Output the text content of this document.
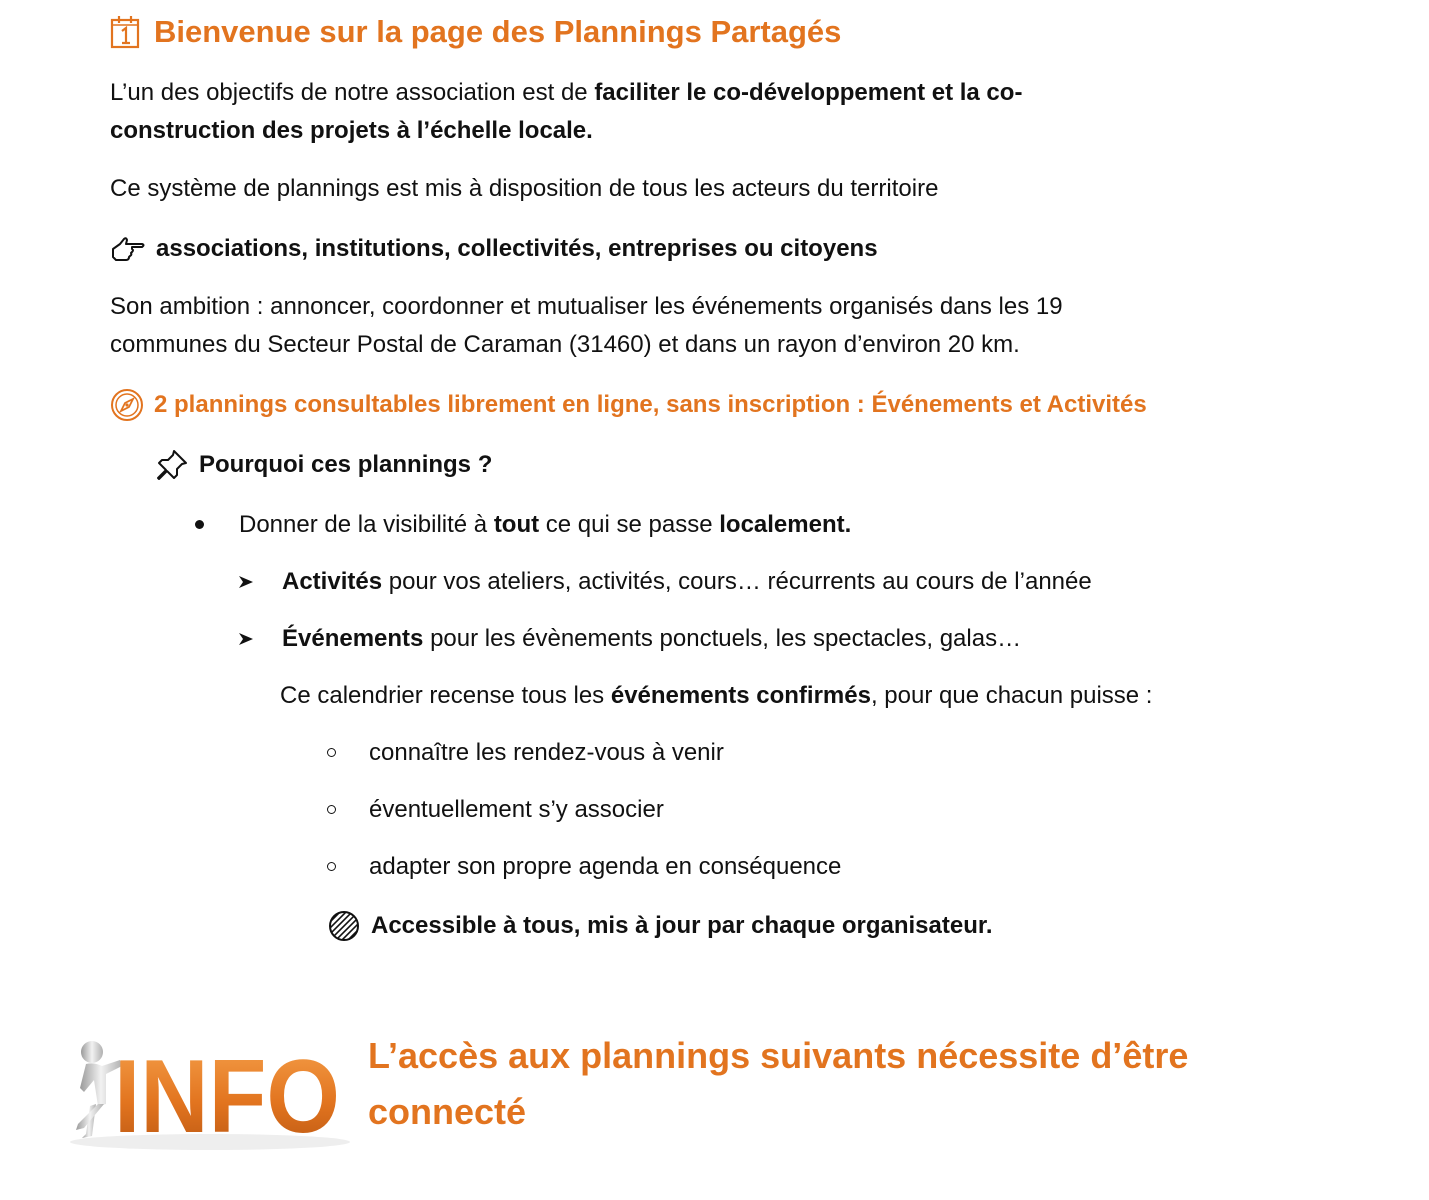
Bienvenue sur la page des Plannings Partagés
L’un des objectifs de notre association est de faciliter le co-développement et la co-
construction des projets à l’échelle locale.
Ce système de plannings est mis à disposition de tous les acteurs du territoire
associations, institutions, collectivités, entreprises ou citoyens
Son ambition : annoncer, coordonner et mutualiser les événements organisés dans les 19
communes du Secteur Postal de Caraman (31460) et dans un rayon d’environ 20 km.
2 plannings consultables librement en ligne, sans inscription : Événements et Activités
Pourquoi ces plannings ?
Donner de la visibilité à tout ce qui se passe localement.
Activités pour vos ateliers, activités, cours… récurrents au cours de l’année
Événements pour les évènements ponctuels, les spectacles, galas…
Ce calendrier recense tous les événements confirmés, pour que chacun puisse :
connaître les rendez-vous à venir
éventuellement s’y associer
adapter son propre agenda en conséquence
Accessible à tous, mis à jour par chaque organisateur.
INFO L’accès aux plannings suivants nécessite d’être
connecté
